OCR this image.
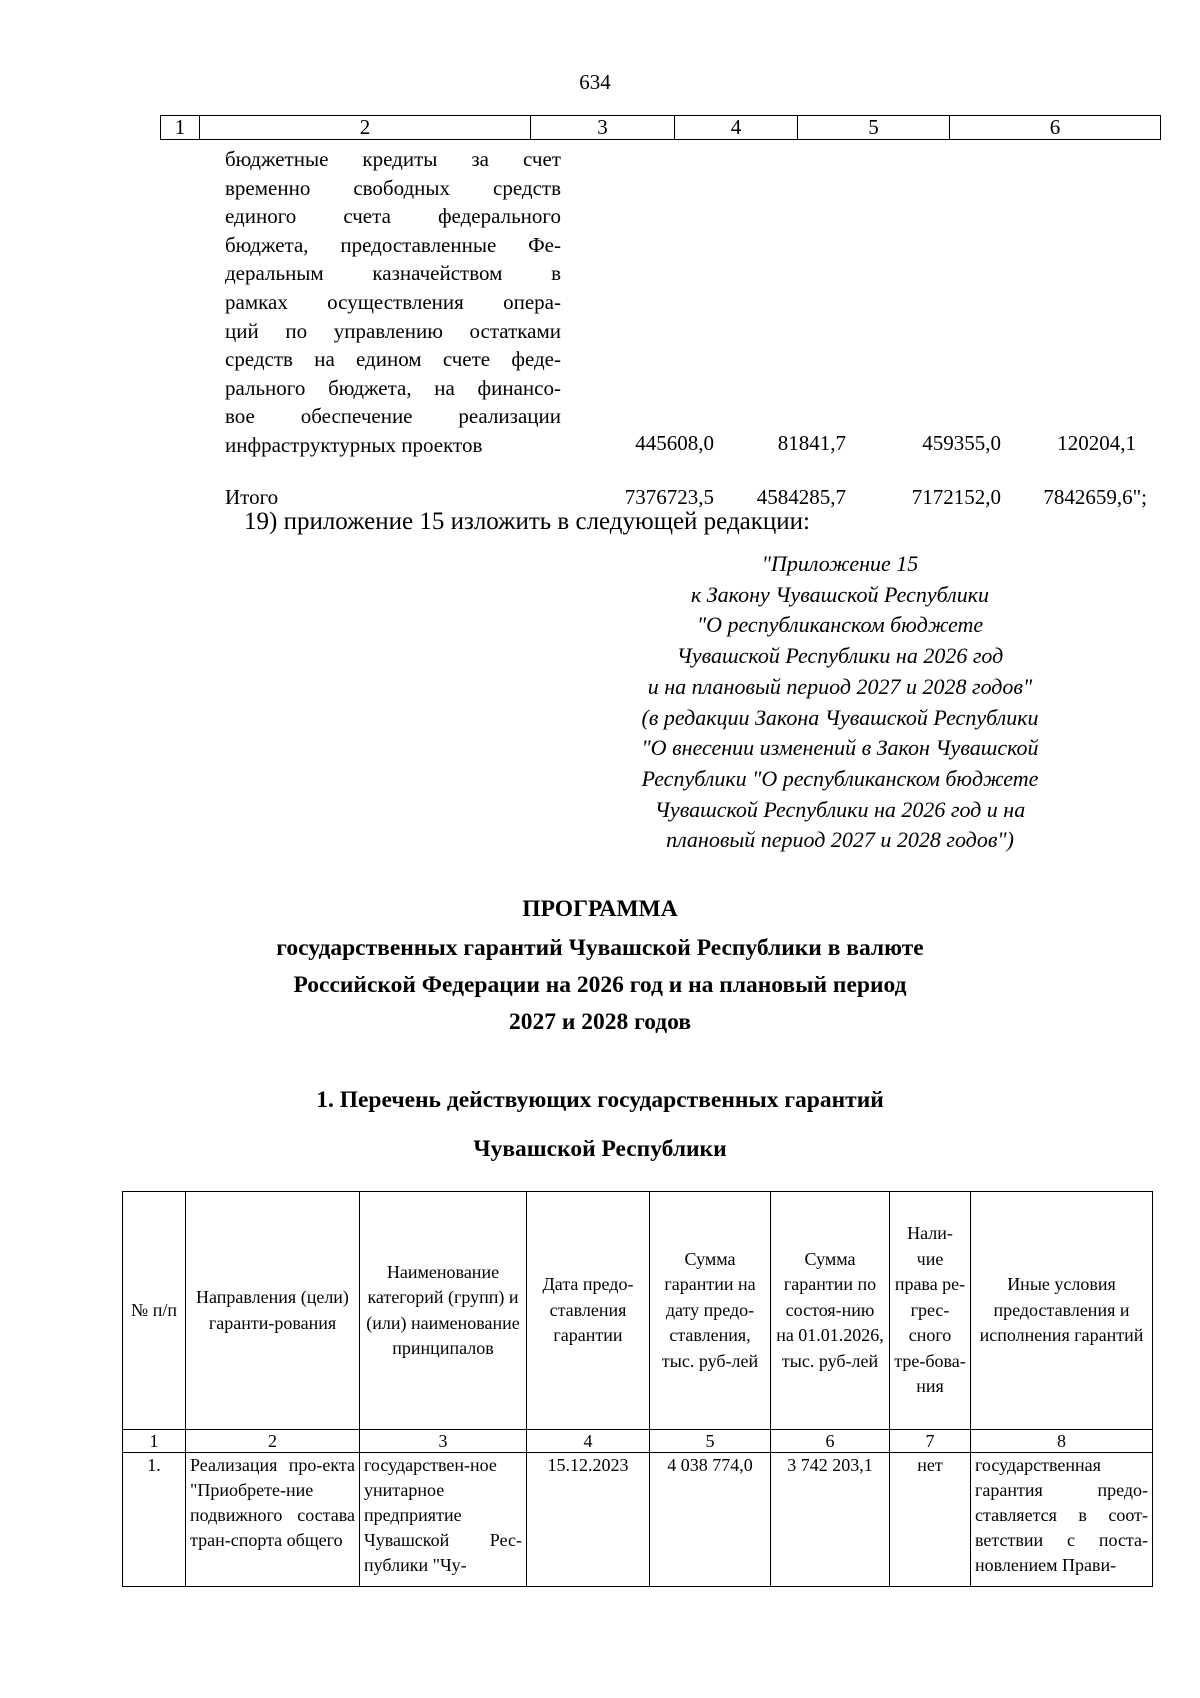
634
1	2	3	4	5	6
бюджетные кредиты за счет
временно свободных средств
единого счета федерального
бюджета, предоставленные Фе-
деральным казначейством в
рамках осуществления опера-
ций по управлению остатками
средств на едином счете феде-
рального бюджета, на финансо-
вое обеспечение реализации
инфраструктурных проектов	445608,0	81841,7	459355,0	120204,1
Итого	7376723,5	4584285,7	7172152,0	7842659,6";
19) приложение 15 изложить в следующей редакции:
"Приложение 15
к Закону Чувашской Республики
"О республиканском бюджете
Чувашской Республики на 2026 год
и на плановый период 2027 и 2028 годов"
(в редакции Закона Чувашской Республики
"О внесении изменений в Закон Чувашской
Республики "О республиканском бюджете
Чувашской Республики на 2026 год и на
плановый период 2027 и 2028 годов")
ПРОГРАММА
государственных гарантий Чувашской Республики в валюте
Российской Федерации на 2026 год и на плановый период
2027 и 2028 годов
1. Перечень действующих государственных гарантий
Чувашской Республики
№ п/п	Направления (цели) гаранти-рования	Наименование категорий (групп) и (или) наименование принципалов	Дата предо-ставления гарантии	Сумма гарантии на дату предо-ставления, тыс. руб-лей	Сумма гарантии по состоя-нию на 01.01.2026, тыс. руб-лей	Нали-чие права ре-грес-сного тре-бова-ния	Иные условия предоставления и исполнения гарантий
1	2	3	4	5	6	7	8
1.	Реализация про-екта "Приобрете-ние подвижного состава тран-спорта общего	государствен-ное унитарное предприятие Чувашской Рес-публики "Чу-	15.12.2023	4 038 774,0	3 742 203,1	нет	государственная гарантия предо-ставляется в соот-ветствии с поста-новлением Прави-
